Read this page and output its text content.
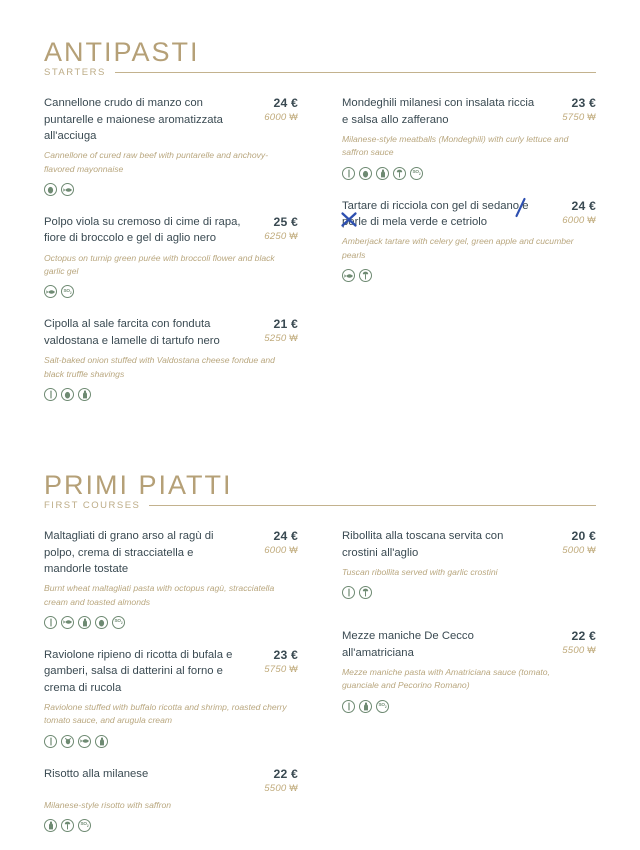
ANTIPASTI
STARTERS
Cannellone crudo di manzo con puntarelle e maionese aromatizzata all'acciuga
24 €
6000 ₩
Cannellone of cured raw beef with puntarelle and anchovy-flavored mayonnaise
Polpo viola su cremoso di cime di rapa, fiore di broccolo e gel di aglio nero
25 €
6250 ₩
Octopus on turnip green purée with broccoli flower and black garlic gel
$SO_2$
Cipolla al sale farcita con fonduta valdostana e lamelle di tartufo nero
21 €
5250 ₩
Salt-baked onion stuffed with Valdostana cheese fondue and black truffle shavings
Mondeghili milanesi con insalata riccia e salsa allo zafferano
23 €
5750 ₩
Milanese-style meatballs (Mondeghili) with curly lettuce and saffron sauce
$SO_2$
Tartare di ricciola con gel di sedano e perle di mela verde e cetriolo
24 €
6000 ₩
Amberjack tartare with celery gel, green apple and cucumber pearls
PRIMI PIATTI
FIRST COURSES
Maltagliati di grano arso al ragù di polpo, crema di stracciatella e mandorle tostate
24 €
6000 ₩
Burnt wheat maltagliati pasta with octopus ragù, stracciatella cream and toasted almonds
$SO_2$
Raviolone ripieno di ricotta di bufala e gamberi, salsa di datterini al forno e crema di rucola
23 €
5750 ₩
Raviolone stuffed with buffalo ricotta and shrimp, roasted cherry tomato sauce, and arugula cream
Risotto alla milanese	22 €
5500 ₩
Milanese-style risotto with saffron
$SO_2$
Ribollita alla toscana servita con crostini all'aglio
20 €
5000 ₩
Tuscan ribollita served with garlic crostini
Mezze maniche De Cecco all'amatriciana
22 €
5500 ₩
Mezze maniche pasta with Amatriciana sauce (tomato, guanciale and Pecorino Romano)
$SO_2$
